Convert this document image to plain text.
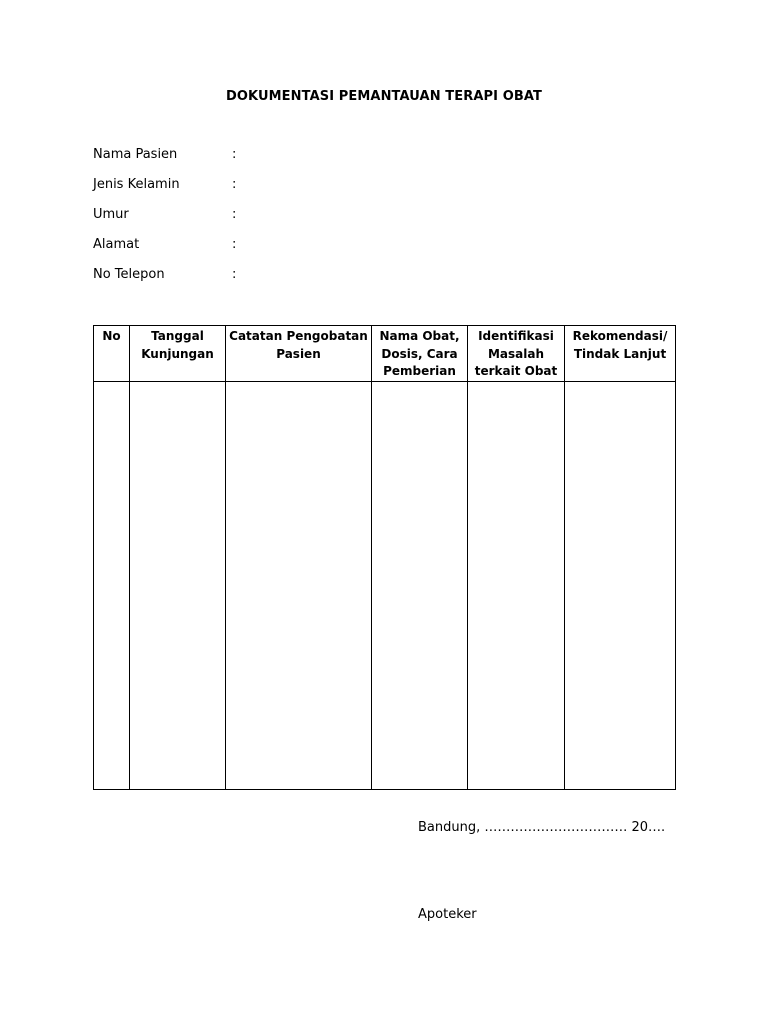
DOKUMENTASI PEMANTAUAN TERAPI OBAT
Nama Pasien	:
Jenis Kelamin	:
Umur	:
Alamat	:
No Telepon	:
No	Tanggal Kunjungan	Catatan Pengobatan Pasien	Nama Obat, Dosis, Cara Pemberian	Identifikasi Masalah terkait Obat	Rekomendasi/ Tindak Lanjut

Bandung, …………………………… 20….
Apoteker
